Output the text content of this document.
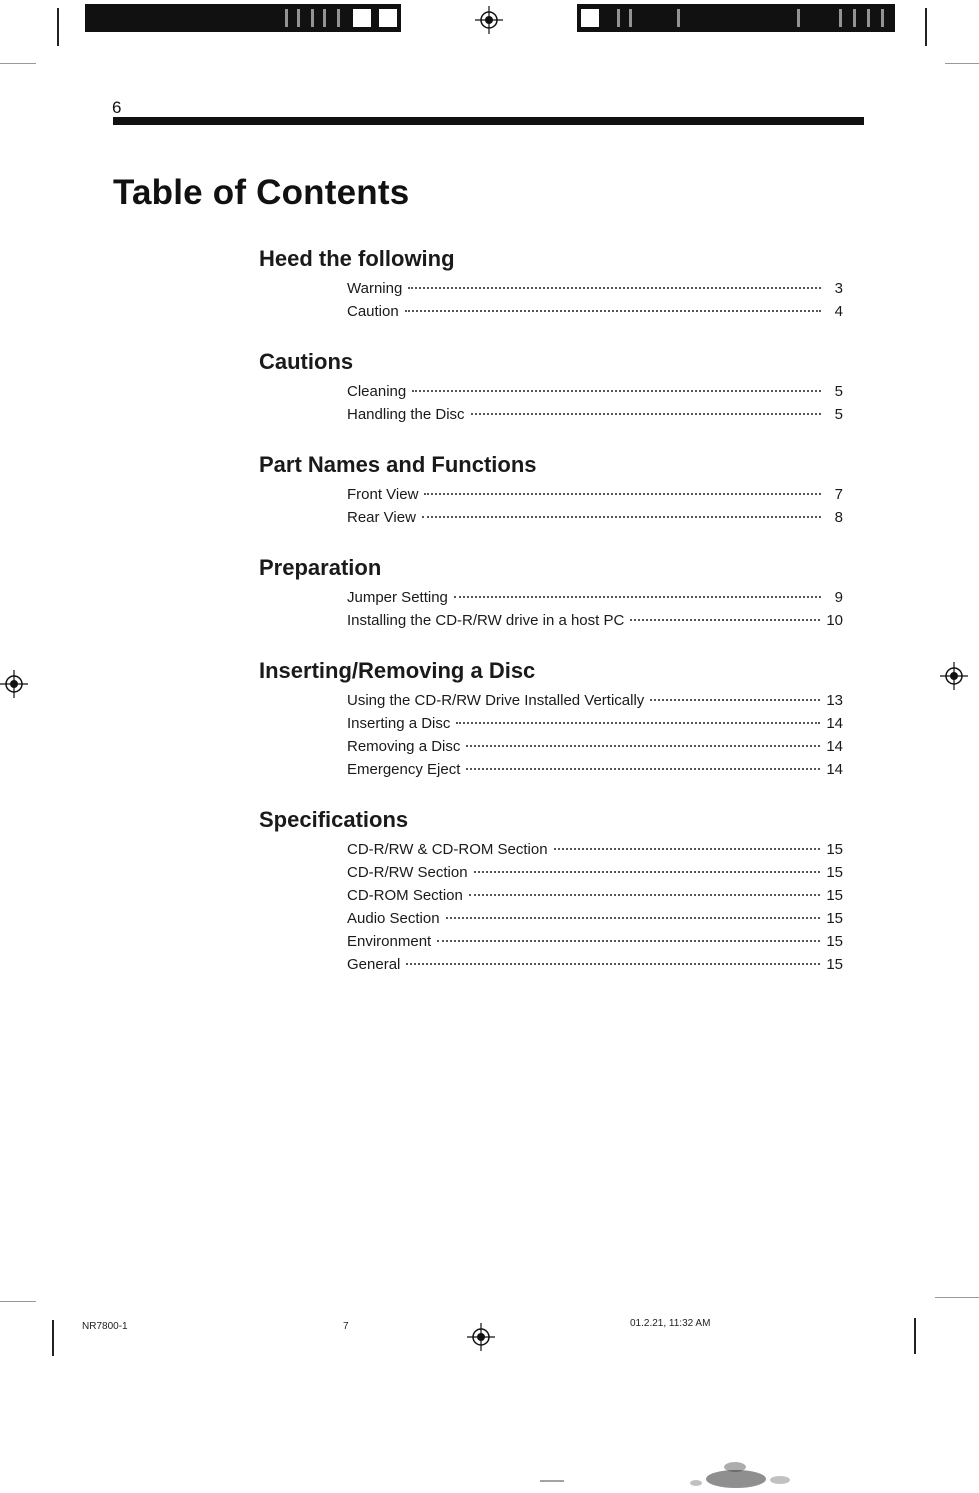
6
Table of Contents
Heed the following
Warning	3
Caution	4
Cautions
Cleaning	5
Handling the Disc	5
Part Names and Functions
Front View	7
Rear View	8
Preparation
Jumper Setting	9
Installing the CD-R/RW drive in a host PC	10
Inserting/Removing a Disc
Using the CD-R/RW Drive Installed Vertically	13
Inserting a Disc	14
Removing a Disc	14
Emergency Eject	14
Specifications
CD-R/RW & CD-ROM Section	15
CD-R/RW Section	15
CD-ROM Section	15
Audio Section	15
Environment	15
General	15
NR7800-1	7	01.2.21, 11:32 AM
